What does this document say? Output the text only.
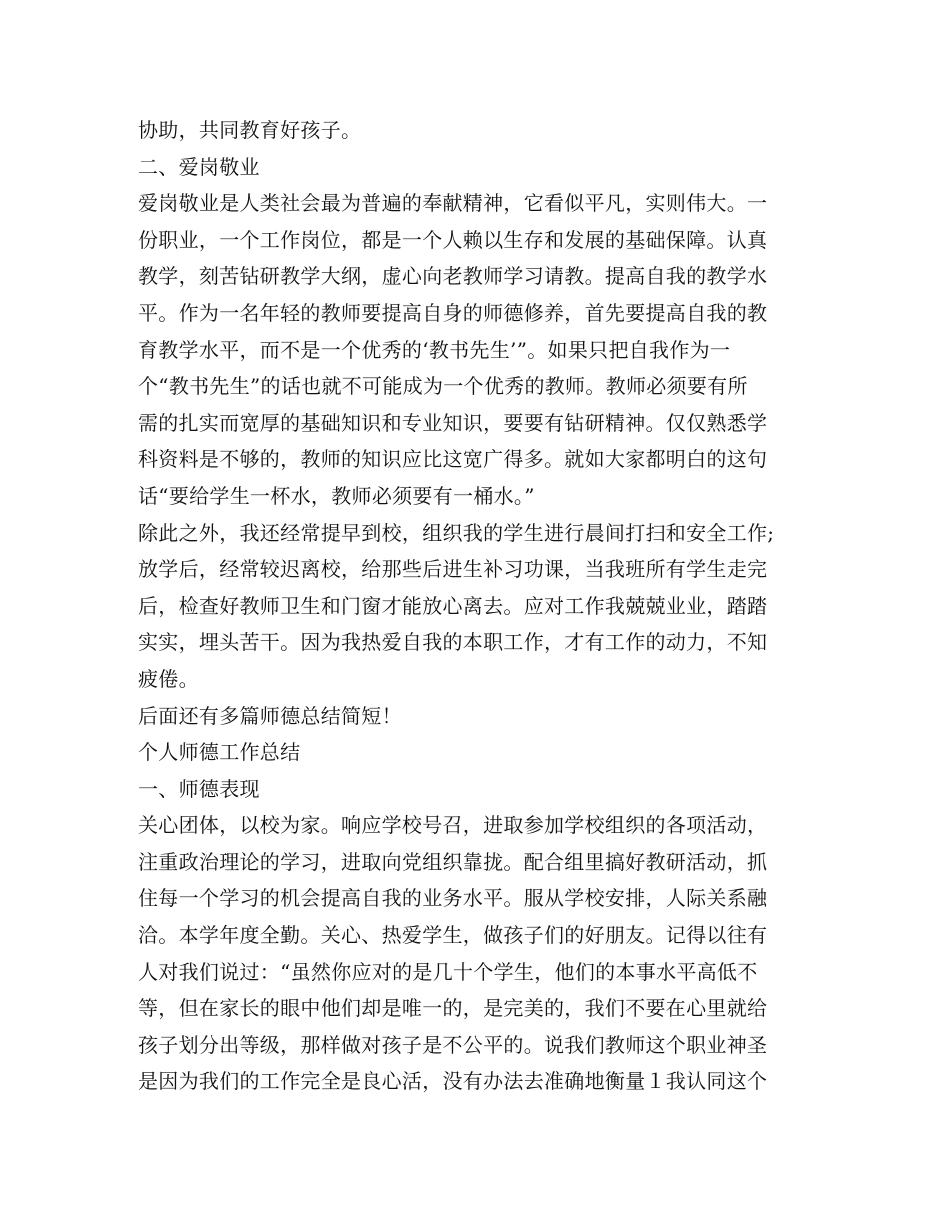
协助，共同教育好孩子。
二、爱岗敬业
爱岗敬业是人类社会最为普遍的奉献精神，它看似平凡，实则伟大。一
份职业，一个工作岗位，都是一个人赖以生存和发展的基础保障。认真
教学，刻苦钻研教学大纲，虚心向老教师学习请教。提高自我的教学水
平。作为一名年轻的教师要提高自身的师德修养，首先要提高自我的教
育教学水平，而不是一个优秀的‘教书先生’”。如果只把自我作为一
个“教书先生”的话也就不可能成为一个优秀的教师。教师必须要有所
需的扎实而宽厚的基础知识和专业知识，要要有钻研精神。仅仅熟悉学
科资料是不够的，教师的知识应比这宽广得多。就如大家都明白的这句
话“要给学生一杯水，教师必须要有一桶水。”
除此之外，我还经常提早到校，组织我的学生进行晨间打扫和安全工作;
放学后，经常较迟离校，给那些后进生补习功课，当我班所有学生走完
后，检查好教师卫生和门窗才能放心离去。应对工作我兢兢业业，踏踏
实实，埋头苦干。因为我热爱自我的本职工作，才有工作的动力，不知
疲倦。
后面还有多篇师德总结简短！
个人师德工作总结
一、师德表现
关心团体，以校为家。响应学校号召，进取参加学校组织的各项活动，
注重政治理论的学习，进取向党组织靠拢。配合组里搞好教研活动，抓
住每一个学习的机会提高自我的业务水平。服从学校安排，人际关系融
洽。本学年度全勤。关心、热爱学生，做孩子们的好朋友。记得以往有
人对我们说过：“虽然你应对的是几十个学生，他们的本事水平高低不
等，但在家长的眼中他们却是唯一的，是完美的，我们不要在心里就给
孩子划分出等级，那样做对孩子是不公平的。说我们教师这个职业神圣
是因为我们的工作完全是良心活，没有办法去准确地衡量１我认同这个
